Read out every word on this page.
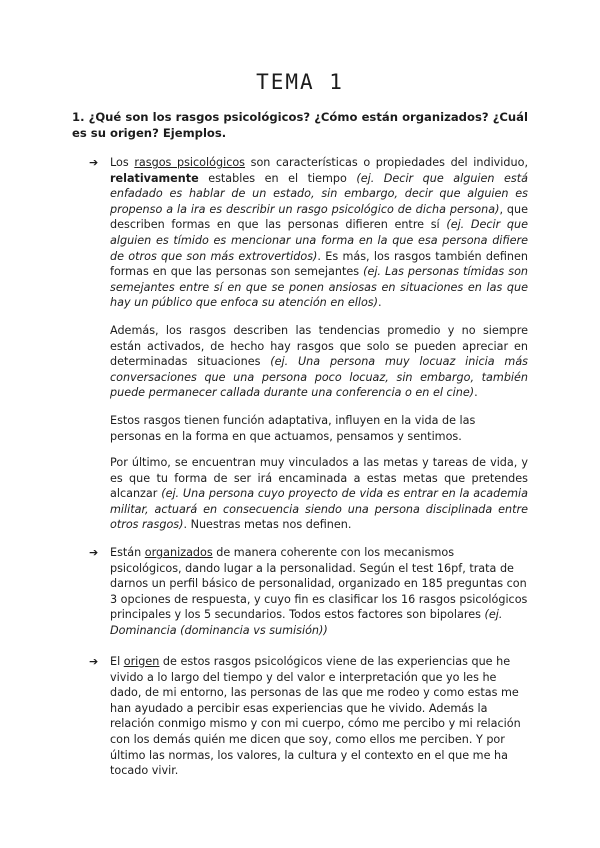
TEMA 1

1. ¿Qué son los rasgos psicológicos? ¿Cómo están organizados? ¿Cuál es su origen? Ejemplos.

➔ Los rasgos psicológicos son características o propiedades del individuo, relativamente estables en el tiempo (ej. Decir que alguien está enfadado es hablar de un estado, sin embargo, decir que alguien es propenso a la ira es describir un rasgo psicológico de dicha persona), que describen formas en que las personas difieren entre sí (ej. Decir que alguien es tímido es mencionar una forma en la que esa persona difiere de otros que son más extrovertidos). Es más, los rasgos también definen formas en que las personas son semejantes (ej. Las personas tímidas son semejantes entre sí en que se ponen ansiosas en situaciones en las que hay un público que enfoca su atención en ellos).

Además, los rasgos describen las tendencias promedio y no siempre están activados, de hecho hay rasgos que solo se pueden apreciar en determinadas situaciones (ej. Una persona muy locuaz inicia más conversaciones que una persona poco locuaz, sin embargo, también puede permanecer callada durante una conferencia o en el cine).

Estos rasgos tienen función adaptativa, influyen en la vida de las personas en la forma en que actuamos, pensamos y sentimos.

Por último, se encuentran muy vinculados a las metas y tareas de vida, y es que tu forma de ser irá encaminada a estas metas que pretendes alcanzar (ej. Una persona cuyo proyecto de vida es entrar en la academia militar, actuará en consecuencia siendo una persona disciplinada entre otros rasgos). Nuestras metas nos definen.

➔ Están organizados de manera coherente con los mecanismos psicológicos, dando lugar a la personalidad. Según el test 16pf, trata de darnos un perfil básico de personalidad, organizado en 185 preguntas con 3 opciones de respuesta, y cuyo fin es clasificar los 16 rasgos psicológicos principales y los 5 secundarios. Todos estos factores son bipolares (ej. Dominancia (dominancia vs sumisión))

➔ El origen de estos rasgos psicológicos viene de las experiencias que he vivido a lo largo del tiempo y del valor e interpretación que yo les he dado, de mi entorno, las personas de las que me rodeo y como estas me han ayudado a percibir esas experiencias que he vivido. Además la relación conmigo mismo y con mi cuerpo, cómo me percibo y mi relación con los demás quién me dicen que soy, como ellos me perciben. Y por último las normas, los valores, la cultura y el contexto en el que me ha tocado vivir.
